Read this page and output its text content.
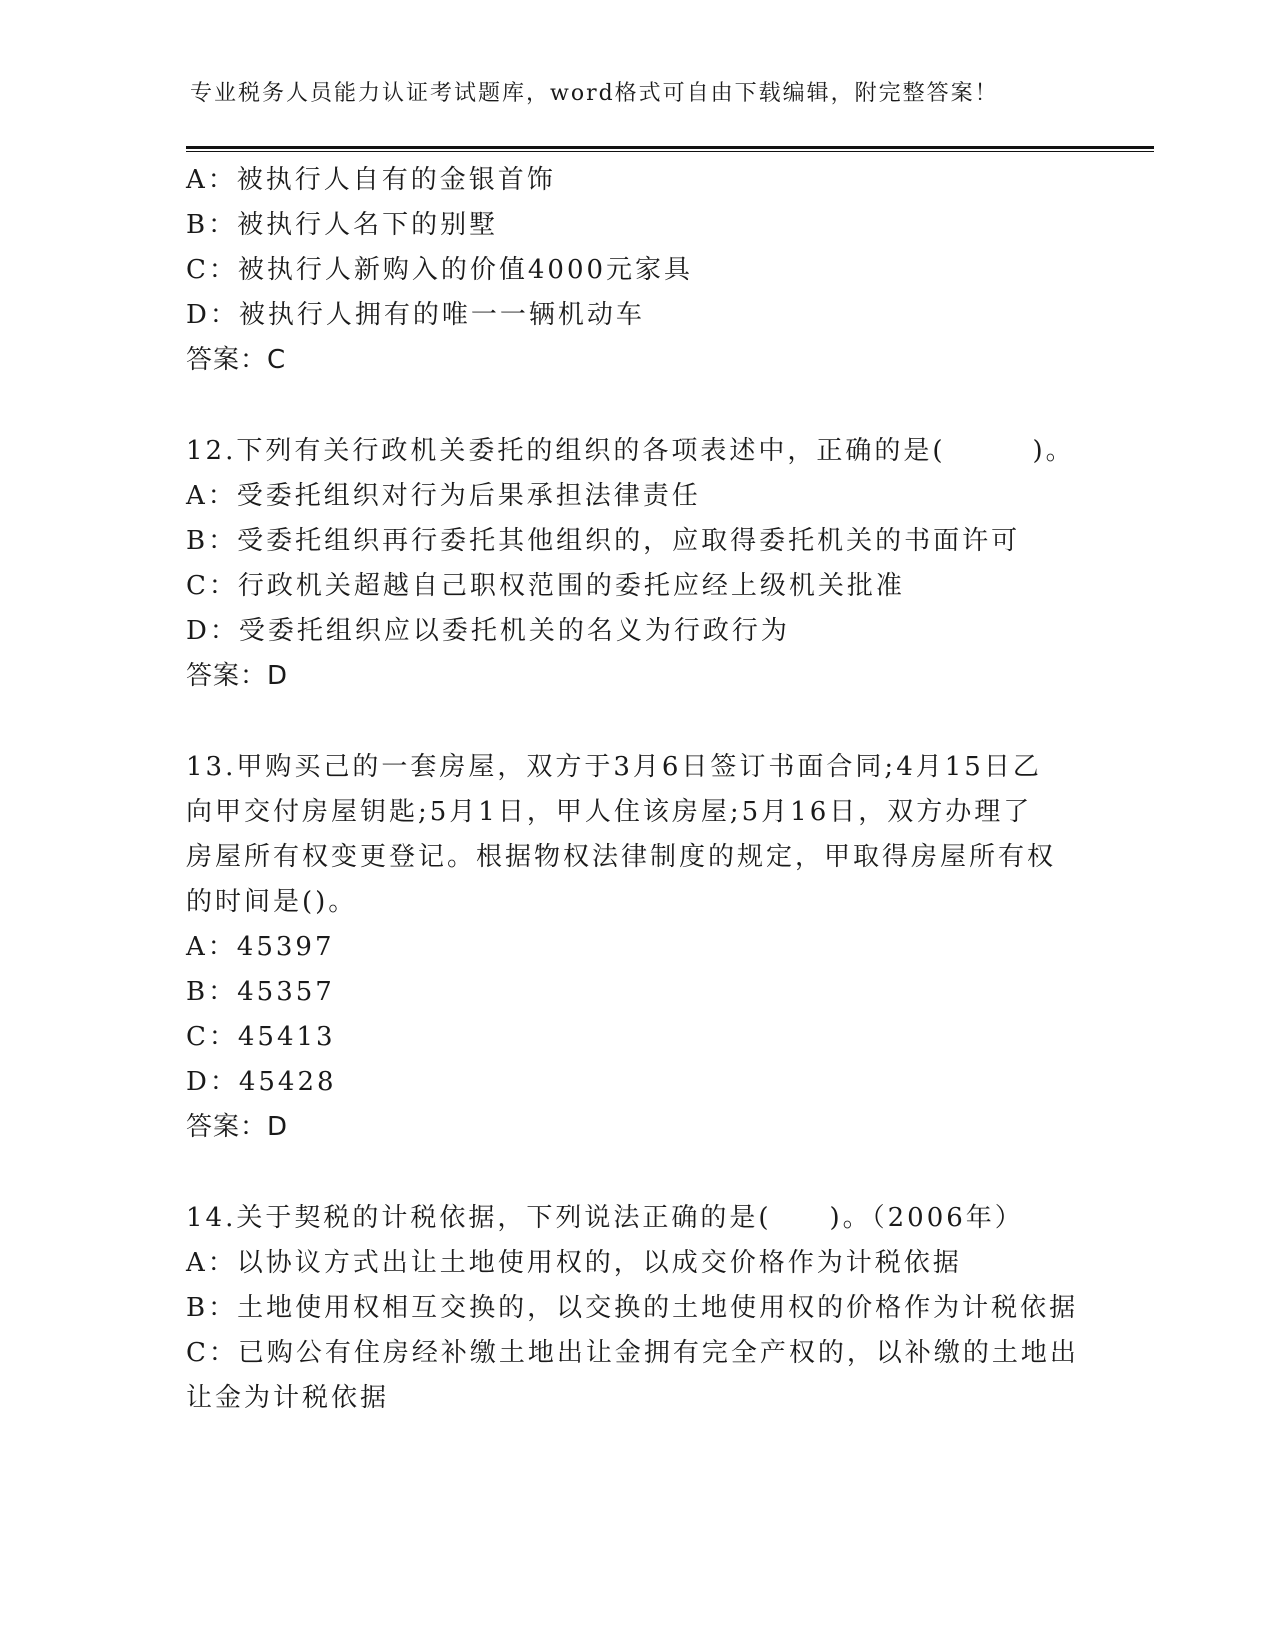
专业税务人员能力认证考试题库，word格式可自由下载编辑，附完整答案！
A：被执行人自有的金银首饰
B：被执行人名下的别墅
C：被执行人新购入的价值4000元家具
D：被执行人拥有的唯一一辆机动车
答案：C
12.下列有关行政机关委托的组织的各项表述中，正确的是(　　　)。
A：受委托组织对行为后果承担法律责任
B：受委托组织再行委托其他组织的，应取得委托机关的书面许可
C：行政机关超越自己职权范围的委托应经上级机关批准
D：受委托组织应以委托机关的名义为行政行为
答案：D
13.甲购买己的一套房屋，双方于3月6日签订书面合同;4月15日乙
向甲交付房屋钥匙;5月1日，甲人住该房屋;5月16日，双方办理了
房屋所有权变更登记。根据物权法律制度的规定，甲取得房屋所有权
的时间是()。
A：45397
B：45357
C：45413
D：45428
答案：D
14.关于契税的计税依据，下列说法正确的是(　　)。（2006年）
A：以协议方式出让土地使用权的，以成交价格作为计税依据
B：土地使用权相互交换的，以交换的土地使用权的价格作为计税依据
C：已购公有住房经补缴土地出让金拥有完全产权的，以补缴的土地出
让金为计税依据
